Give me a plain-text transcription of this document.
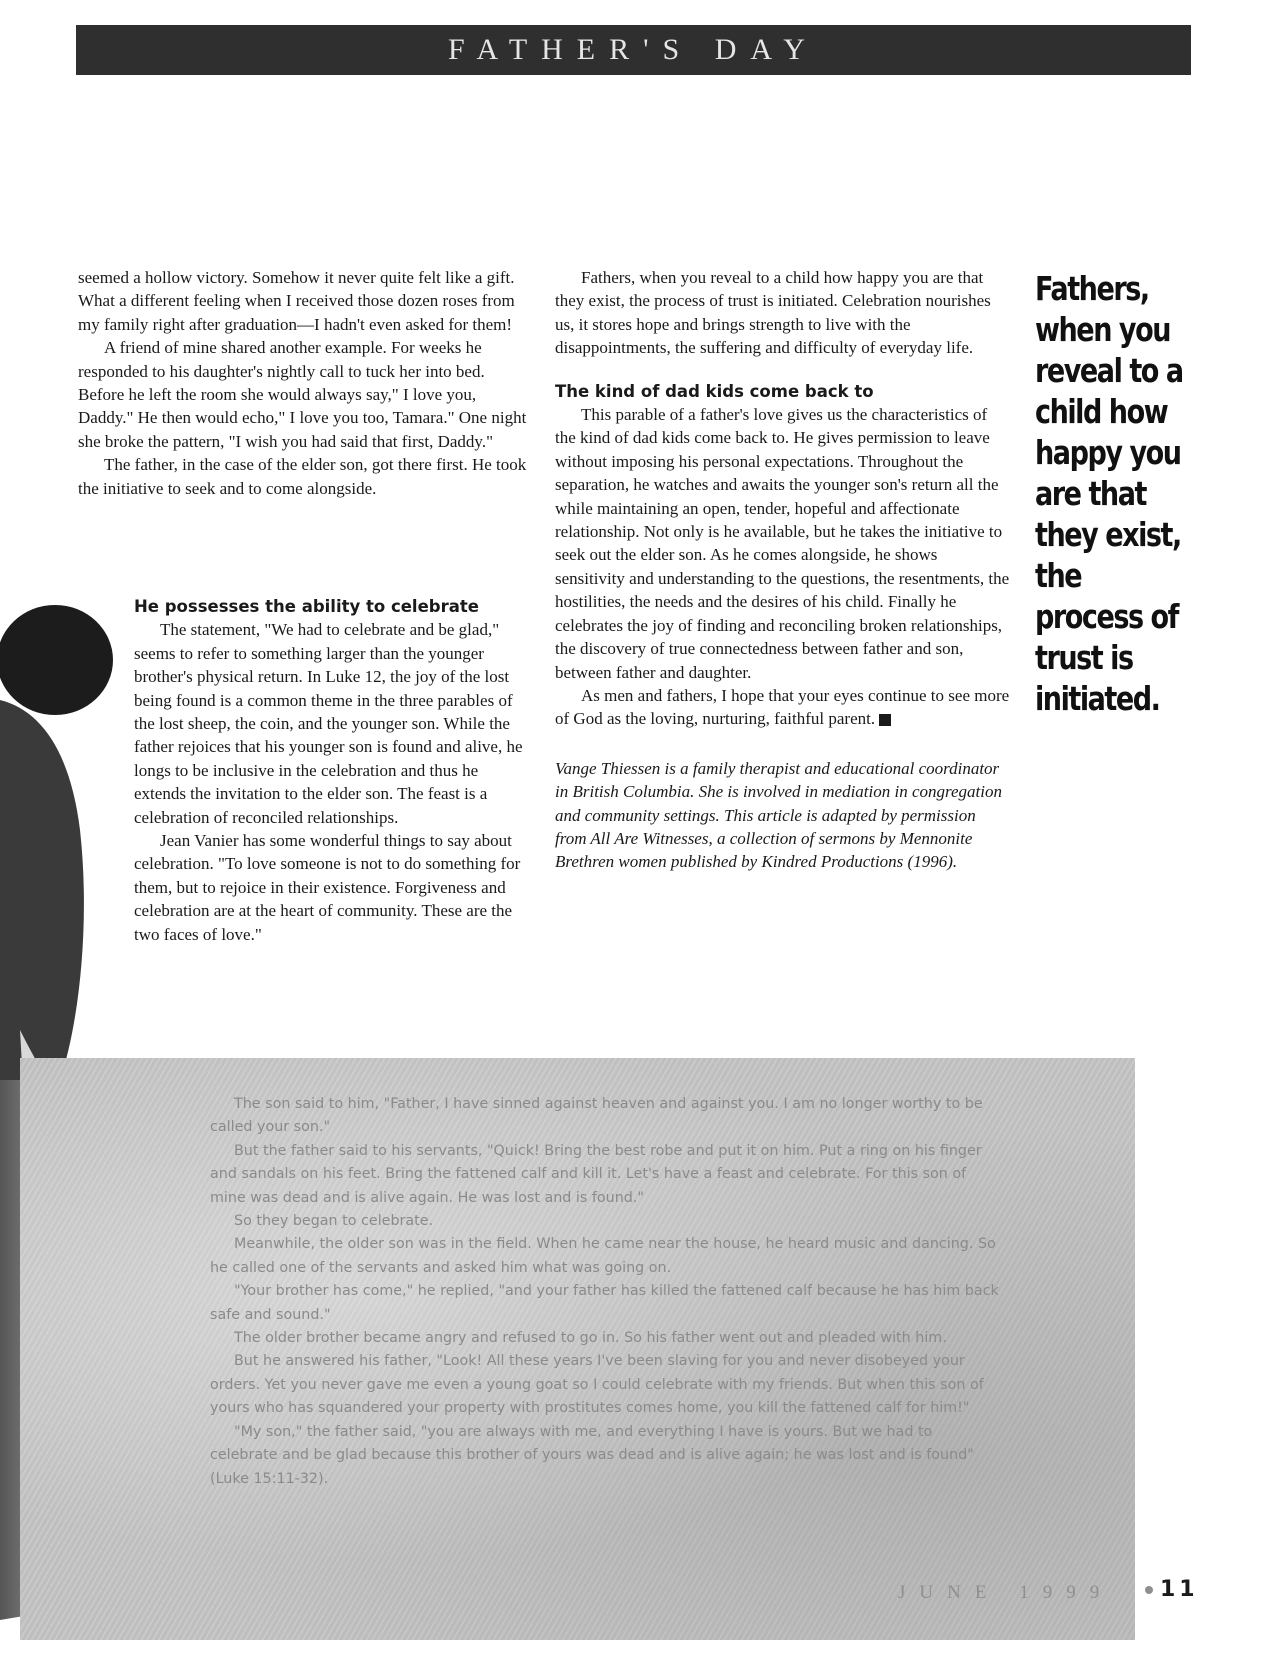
FATHER'S DAY

seemed a hollow victory. Somehow it never quite felt like a gift. What a different feeling when I received those dozen roses from my family right after graduation—I hadn't even asked for them!

A friend of mine shared another example. For weeks he responded to his daughter's nightly call to tuck her into bed. Before he left the room she would always say," I love you, Daddy." He then would echo," I love you too, Tamara." One night she broke the pattern, "I wish you had said that first, Daddy."

The father, in the case of the elder son, got there first. He took the initiative to seek and to come alongside.

He possesses the ability to celebrate

The statement, "We had to celebrate and be glad," seems to refer to something larger than the younger brother's physical return. In Luke 12, the joy of the lost being found is a common theme in the three parables of the lost sheep, the coin, and the younger son. While the father rejoices that his younger son is found and alive, he longs to be inclusive in the celebration and thus he extends the invitation to the elder son. The feast is a celebration of reconciled relationships.

Jean Vanier has some wonderful things to say about celebration. "To love someone is not to do something for them, but to rejoice in their existence. Forgiveness and celebration are at the heart of community. These are the two faces of love."

Fathers, when you reveal to a child how happy you are that they exist, the process of trust is initiated. Celebration nourishes us, it stores hope and brings strength to live with the disappointments, the suffering and difficulty of everyday life.

The kind of dad kids come back to

This parable of a father's love gives us the characteristics of the kind of dad kids come back to. He gives permission to leave without imposing his personal expectations. Throughout the separation, he watches and awaits the younger son's return all the while maintaining an open, tender, hopeful and affectionate relationship. Not only is he available, but he takes the initiative to seek out the elder son. As he comes alongside, he shows sensitivity and understanding to the questions, the resentments, the hostilities, the needs and the desires of his child. Finally he celebrates the joy of finding and reconciling broken relationships, the discovery of true connectedness between father and son, between father and daughter.

As men and fathers, I hope that your eyes continue to see more of God as the loving, nurturing, faithful parent.

Vange Thiessen is a family therapist and educational coordinator in British Columbia. She is involved in mediation in congregation and community settings. This article is adapted by permission from All Are Witnesses, a collection of sermons by Mennonite Brethren women published by Kindred Productions (1996).

Fathers, when you reveal to a child how happy you are that they exist, the process of trust is initiated.

The son said to him, "Father, I have sinned against heaven and against you. I am no longer worthy to be called your son."

But the father said to his servants, "Quick! Bring the best robe and put it on him. Put a ring on his finger and sandals on his feet. Bring the fattened calf and kill it. Let's have a feast and celebrate. For this son of mine was dead and is alive again. He was lost and is found."

So they began to celebrate.

Meanwhile, the older son was in the field. When he came near the house, he heard music and dancing. So he called one of the servants and asked him what was going on.

"Your brother has come," he replied, "and your father has killed the fattened calf because he has him back safe and sound."

The older brother became angry and refused to go in. So his father went out and pleaded with him.

But he answered his father, "Look! All these years I've been slaving for you and never disobeyed your orders. Yet you never gave me even a young goat so I could celebrate with my friends. But when this son of yours who has squandered your property with prostitutes comes home, you kill the fattened calf for him!"

"My son," the father said, "you are always with me, and everything I have is yours. But we had to celebrate and be glad because this brother of yours was dead and is alive again; he was lost and is found" (Luke 15:11-32).

JUNE 1999 11
